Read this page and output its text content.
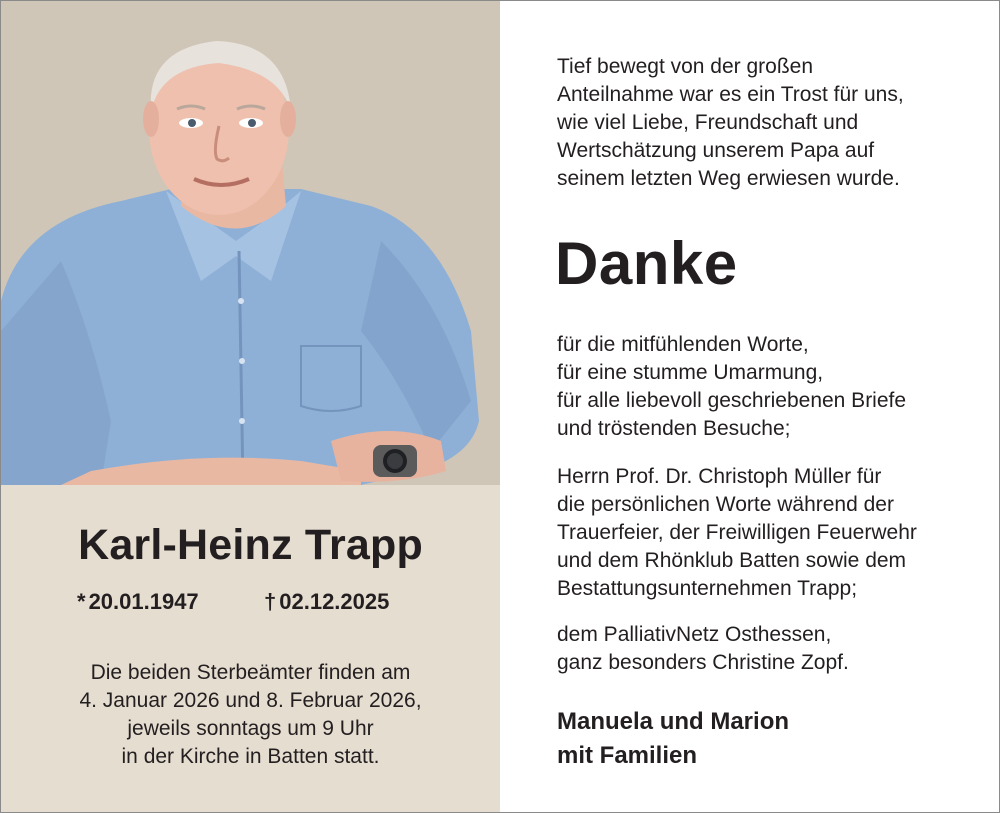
Karl-Heinz Trapp
* 20.01.1947	† 02.12.2025
Die beiden Sterbeämter finden am
4. Januar 2026 und 8. Februar 2026,
jeweils sonntags um 9 Uhr
in der Kirche in Batten statt.
Tief bewegt von der großen
Anteilnahme war es ein Trost für uns,
wie viel Liebe, Freundschaft und
Wertschätzung unserem Papa auf
seinem letzten Weg erwiesen wurde.
Danke
für die mitfühlenden Worte,
für eine stumme Umarmung,
für alle liebevoll geschriebenen Briefe
und tröstenden Besuche;
Herrn Prof. Dr. Christoph Müller für
die persönlichen Worte während der
Trauerfeier, der Freiwilligen Feuerwehr
und dem Rhönklub Batten sowie dem
Bestattungsunternehmen Trapp;
dem PalliativNetz Osthessen,
ganz besonders Christine Zopf.
Manuela und Marion
mit Familien
